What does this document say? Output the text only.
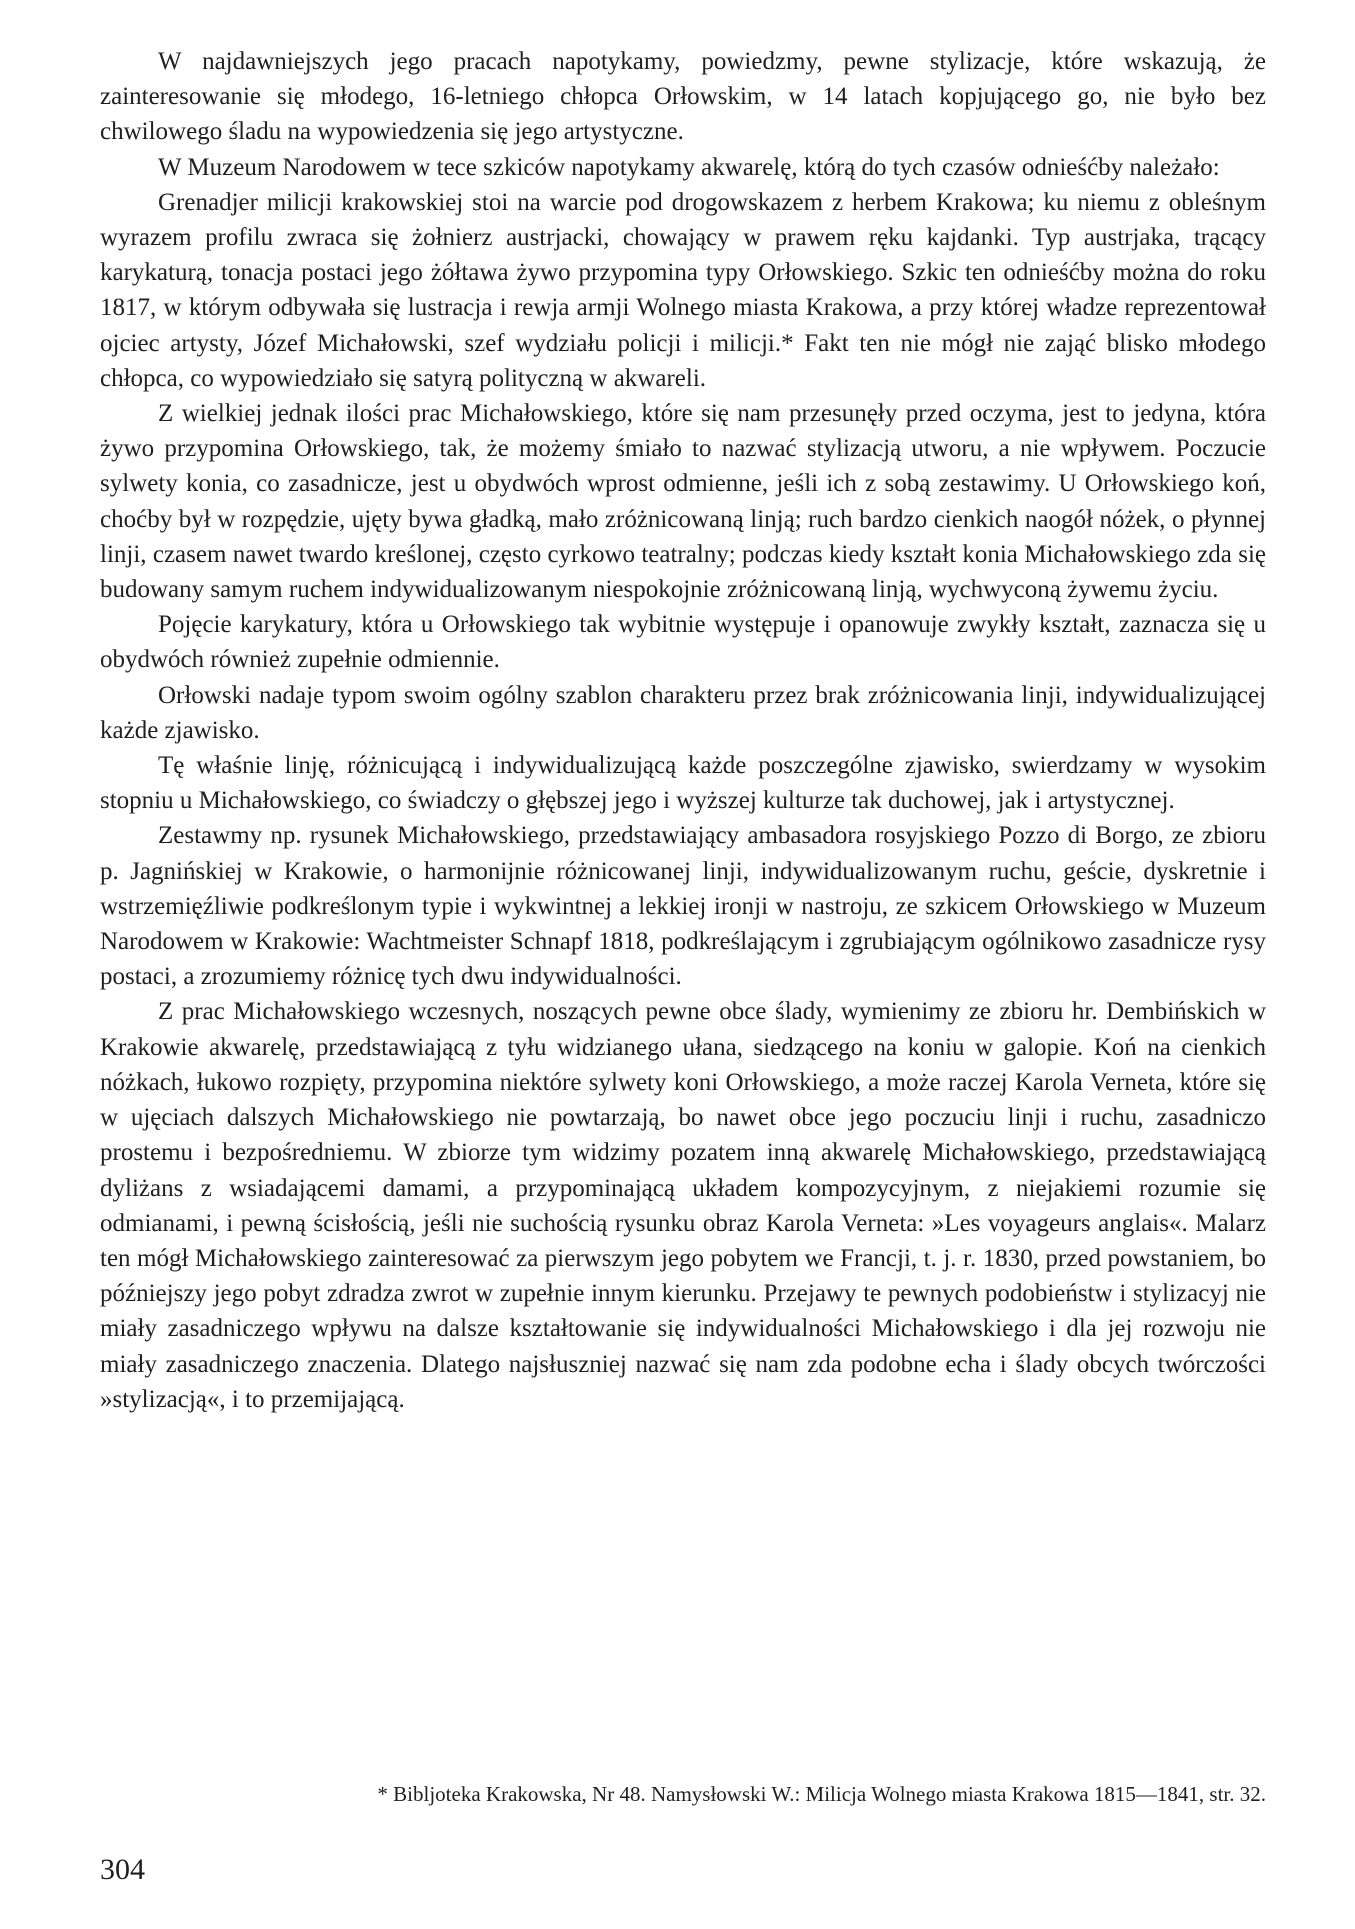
W najdawniejszych jego pracach napotykamy, powiedzmy, pewne stylizacje, które wskazują, że zainteresowanie się młodego, 16-letniego chłopca Orłowskim, w 14 latach kopjującego go, nie było bez chwilowego śladu na wypowiedzenia się jego artystyczne.

W Muzeum Narodowem w tece szkiców napotykamy akwarelę, którą do tych czasów odnieśćby należało:

Grenadjer milicji krakowskiej stoi na warcie pod drogowskazem z herbem Krakowa; ku niemu z obleśnym wyrazem profilu zwraca się żołnierz austrjacki, chowający w prawem ręku kajdanki. Typ austrjaka, trącący karykaturą, tonacja postaci jego żółtawa żywo przypomina typy Orłowskiego. Szkic ten odnieśćby można do roku 1817, w którym odbywała się lustracja i rewja armji Wolnego miasta Krakowa, a przy której władze reprezentował ojciec artysty, Józef Michałowski, szef wydziału policji i milicji.* Fakt ten nie mógł nie zająć blisko młodego chłopca, co wypowiedziało się satyrą polityczną w akwareli.

Z wielkiej jednak ilości prac Michałowskiego, które się nam przesunęły przed oczyma, jest to jedyna, która żywo przypomina Orłowskiego, tak, że możemy śmiało to nazwać stylizacją utworu, a nie wpływem. Poczucie sylwety konia, co zasadnicze, jest u obydwóch wprost odmienne, jeśli ich z sobą zestawimy. U Orłowskiego koń, choćby był w rozpędzie, ujęty bywa gładką, mało zróżnicowaną linją; ruch bardzo cienkich naogół nóżek, o płynnej linji, czasem nawet twardo kreślonej, często cyrkowo teatralny; podczas kiedy kształt konia Michałowskiego zda się budowany samym ruchem indywidualizowanym niespokojnie zróżnicowaną linją, wychwyconą żywemu życiu.

Pojęcie karykatury, która u Orłowskiego tak wybitnie występuje i opanowuje zwykły kształt, zaznacza się u obydwóch również zupełnie odmiennie.

Orłowski nadaje typom swoim ogólny szablon charakteru przez brak zróżnicowania linji, indywidualizującej każde zjawisko.

Tę właśnie linję, różnicującą i indywidualizującą każde poszczególne zjawisko, swierdzamy w wysokim stopniu u Michałowskiego, co świadczy o głębszej jego i wyższej kulturze tak duchowej, jak i artystycznej.

Zestawmy np. rysunek Michałowskiego, przedstawiający ambasadora rosyjskiego Pozzo di Borgo, ze zbioru p. Jagnińskiej w Krakowie, o harmonijnie różnicowanej linji, indywidualizowanym ruchu, geście, dyskretnie i wstrzemięźliwie podkreślonym typie i wykwintnej a lekkiej ironji w nastroju, ze szkicem Orłowskiego w Muzeum Narodowem w Krakowie: Wachtmeister Schnapf 1818, podkreślającym i zgrubiającym ogólnikowo zasadnicze rysy postaci, a zrozumiemy różnicę tych dwu indywidualności.

Z prac Michałowskiego wczesnych, noszących pewne obce ślady, wymienimy ze zbioru hr. Dembińskich w Krakowie akwarelę, przedstawiającą z tyłu widzianego ułana, siedzącego na koniu w galopie. Koń na cienkich nóżkach, łukowo rozpięty, przypomina niektóre sylwety koni Orłowskiego, a może raczej Karola Verneta, które się w ujęciach dalszych Michałowskiego nie powtarzają, bo nawet obce jego poczuciu linji i ruchu, zasadniczo prostemu i bezpośredniemu. W zbiorze tym widzimy pozatem inną akwarelę Michałowskiego, przedstawiającą dyliżans z wsiadającemi damami, a przypominającą układem kompozycyjnym, z niejakiemi rozumie się odmianami, i pewną ścisłością, jeśli nie suchością rysunku obraz Karola Verneta: »Les voyageurs anglais«. Malarz ten mógł Michałowskiego zainteresować za pierwszym jego pobytem we Francji, t. j. r. 1830, przed powstaniem, bo późniejszy jego pobyt zdradza zwrot w zupełnie innym kierunku. Przejawy te pewnych podobieństw i stylizacyj nie miały zasadniczego wpływu na dalsze kształtowanie się indywidualności Michałowskiego i dla jej rozwoju nie miały zasadniczego znaczenia. Dlatego najsłuszniej nazwać się nam zda podobne echa i ślady obcych twórczości »stylizacją«, i to przemijającą.

* Bibljoteka Krakowska, Nr 48. Namysłowski W.: Milicja Wolnego miasta Krakowa 1815—1841, str. 32.
304
